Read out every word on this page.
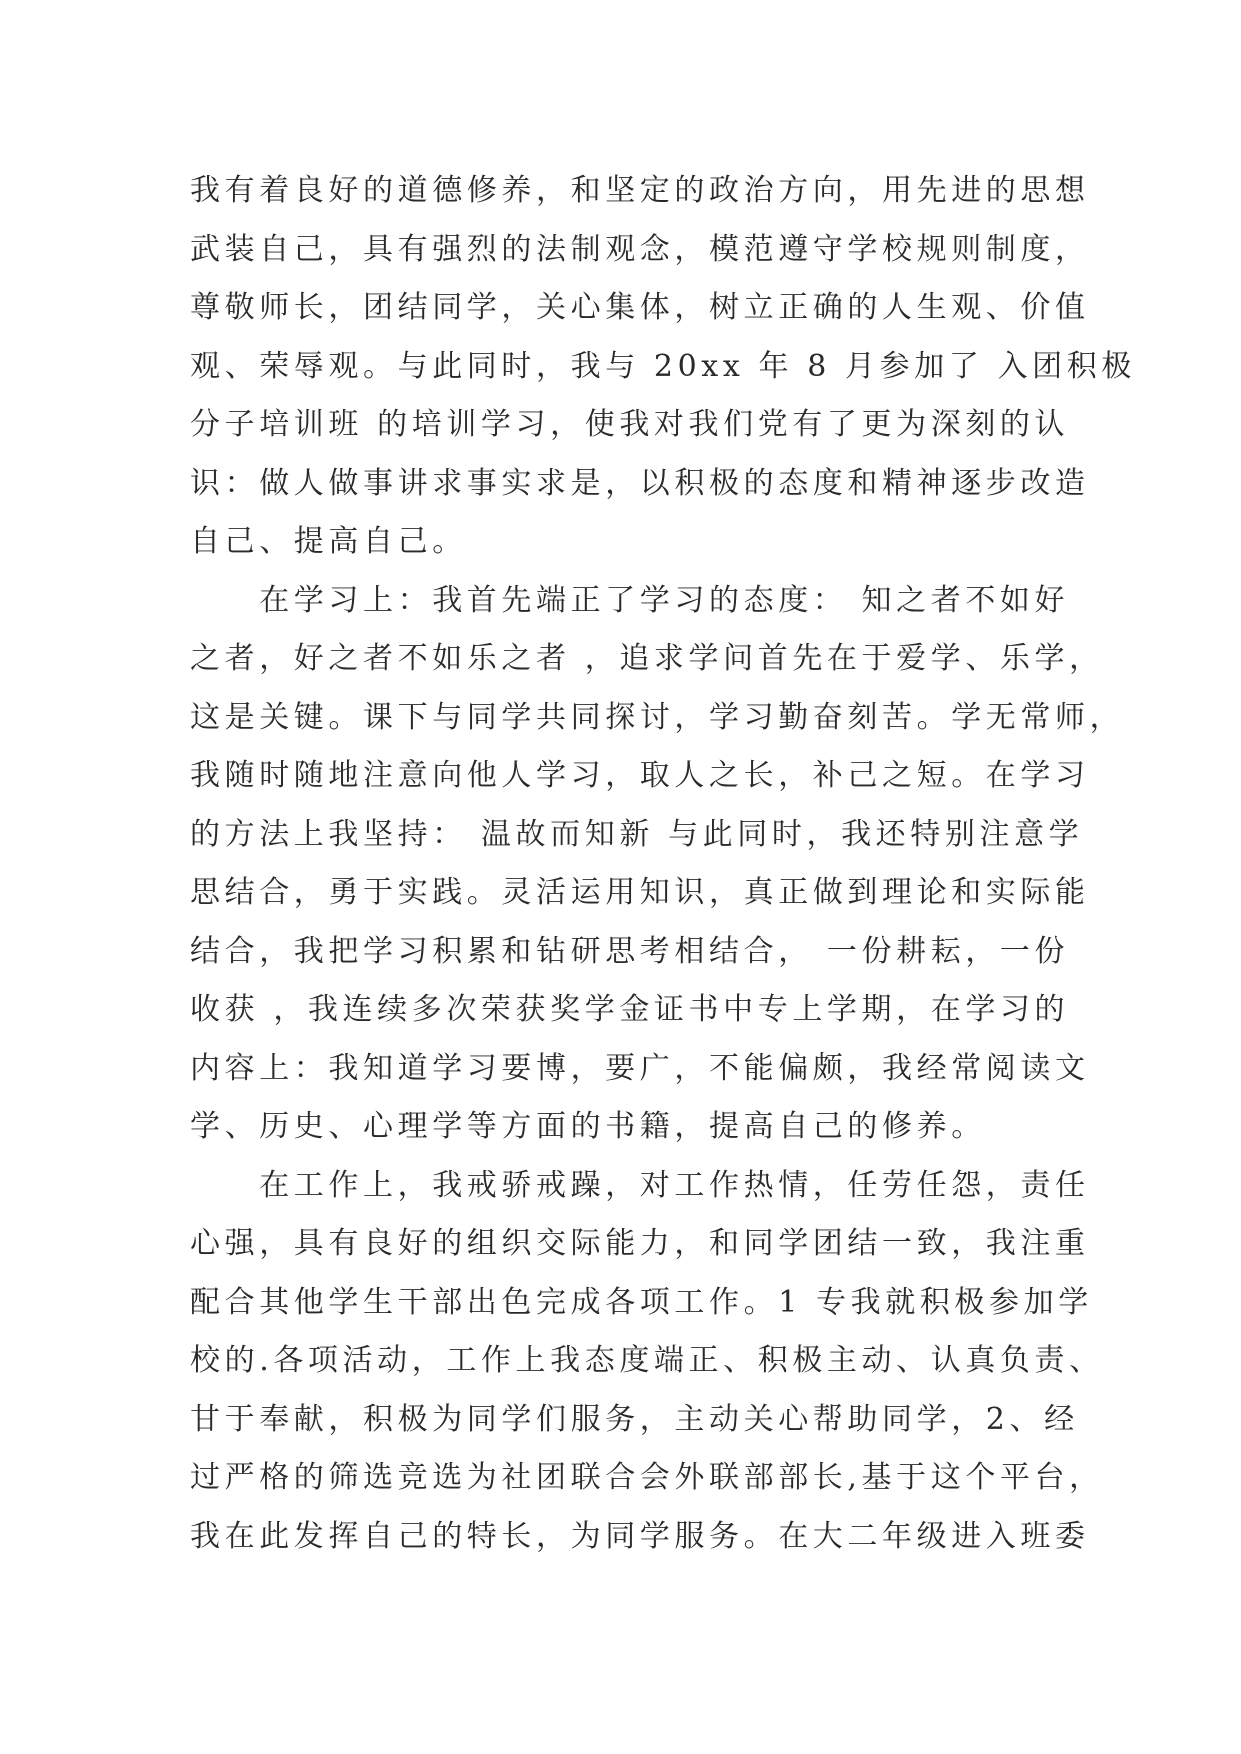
我有着良好的道德修养，和坚定的政治方向，用先进的思想
武装自己，具有强烈的法制观念，模范遵守学校规则制度，
尊敬师长，团结同学，关心集体，树立正确的人生观、价值
观、荣辱观。与此同时，我与 20xx 年 8 月参加了 入团积极
分子培训班 的培训学习，使我对我们党有了更为深刻的认
识：做人做事讲求事实求是，以积极的态度和精神逐步改造
自己、提高自己。
　　在学习上：我首先端正了学习的态度： 知之者不如好
之者，好之者不如乐之者 ，追求学问首先在于爱学、乐学，
这是关键。课下与同学共同探讨，学习勤奋刻苦。学无常师，
我随时随地注意向他人学习，取人之长，补己之短。在学习
的方法上我坚持： 温故而知新 与此同时，我还特别注意学
思结合，勇于实践。灵活运用知识，真正做到理论和实际能
结合，我把学习积累和钻研思考相结合， 一份耕耘，一份
收获 ，我连续多次荣获奖学金证书中专上学期，在学习的
内容上：我知道学习要博，要广，不能偏颇，我经常阅读文
学、历史、心理学等方面的书籍，提高自己的修养。
　　在工作上，我戒骄戒躁，对工作热情，任劳任怨，责任
心强，具有良好的组织交际能力，和同学团结一致，我注重
配合其他学生干部出色完成各项工作。1 专我就积极参加学
校的.各项活动，工作上我态度端正、积极主动、认真负责、
甘于奉献，积极为同学们服务，主动关心帮助同学，2、经
过严格的筛选竞选为社团联合会外联部部长,基于这个平台，
我在此发挥自己的特长，为同学服务。在大二年级进入班委
